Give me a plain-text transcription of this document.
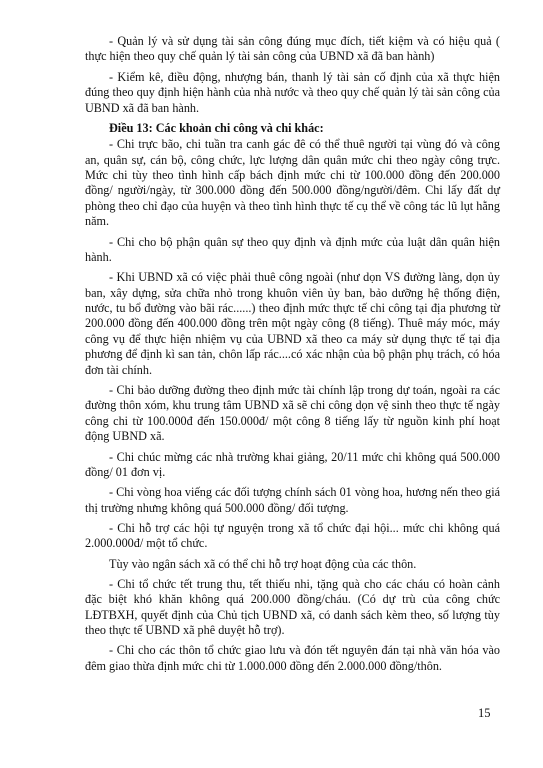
- Quản lý và sử dụng tài sản công đúng mục đích, tiết kiệm và có hiệu quả ( thực hiện theo quy chế quản lý tài sản công của UBND xã đã ban hành)

- Kiểm kê, điều động, nhượng bán, thanh lý tài sản cố định của xã thực hiện đúng theo quy định hiện hành của nhà nước và theo quy chế quản lý tài sản công của UBND xã đã ban hành.

Điều 13: Các khoản chi công và chi khác:

- Chi trực bão, chi tuần tra canh gác đê có thể thuê người tại vùng đó và công an, quân sự, cán bộ, công chức, lực lượng dân quân mức chi theo ngày công trực. Mức chi tùy theo tình hình cấp bách định mức chi từ 100.000 đồng đến 200.000 đồng/ người/ngày, từ 300.000 đồng đến 500.000 đồng/người/đêm. Chi lấy đất dự phòng theo chỉ đạo của huyện và theo tình hình thực tế cụ thể về công tác lũ lụt hằng năm.

- Chi cho bộ phận quân sự theo quy định và định mức của luật dân quân hiện hành.

- Khi UBND xã có việc phải thuê công ngoài (như dọn VS đường làng, dọn ủy ban, xây dựng, sửa chữa nhỏ trong khuôn viên ủy ban, bảo dưỡng hệ thống điện, nước, tu bổ đường vào bãi rác......) theo định mức thực tế chi công tại địa phương từ 200.000 đồng đến 400.000 đồng trên một ngày công (8 tiếng). Thuê máy móc, máy công vụ để thực hiện nhiệm vụ của UBND xã theo ca máy sử dụng thực tế tại địa phương để định kì san tản, chôn lấp rác....có xác nhận của bộ phận phụ trách, có hóa đơn tài chính.

- Chi bảo dưỡng đường theo định mức tài chính lập trong dự toán, ngoài ra các đường thôn xóm, khu trung tâm UBND xã sẽ chi công dọn vệ sinh theo thực tế ngày công chi từ 100.000đ đến 150.000đ/ một công 8 tiếng lấy từ nguồn kinh phí hoạt động UBND xã.

- Chi chúc mừng các nhà trường khai giảng, 20/11 mức chi không quá 500.000 đồng/ 01 đơn vị.

- Chi vòng hoa viếng các đối tượng chính sách 01 vòng hoa, hương nến theo giá thị trường nhưng không quá 500.000 đồng/ đối tượng.

- Chi hỗ trợ các hội tự nguyện trong xã tổ chức đại hội... mức chi không quá 2.000.000đ/ một tổ chức.

Tùy vào ngân sách xã có thể chi hỗ trợ hoạt động của các thôn.

- Chi tổ chức tết trung thu, tết thiếu nhi, tặng quà cho các cháu có hoàn cảnh đặc biệt khó khăn không quá 200.000 đồng/cháu. (Có dự trù của công chức LĐTBXH, quyết định của Chủ tịch UBND xã, có danh sách kèm theo, số lượng tùy theo thực tế UBND xã phê duyệt hỗ trợ).

- Chi cho các thôn tổ chức giao lưu và đón tết nguyên đán tại nhà văn hóa vào đêm giao thừa định mức chi từ 1.000.000 đồng đến 2.000.000 đồng/thôn.

15
